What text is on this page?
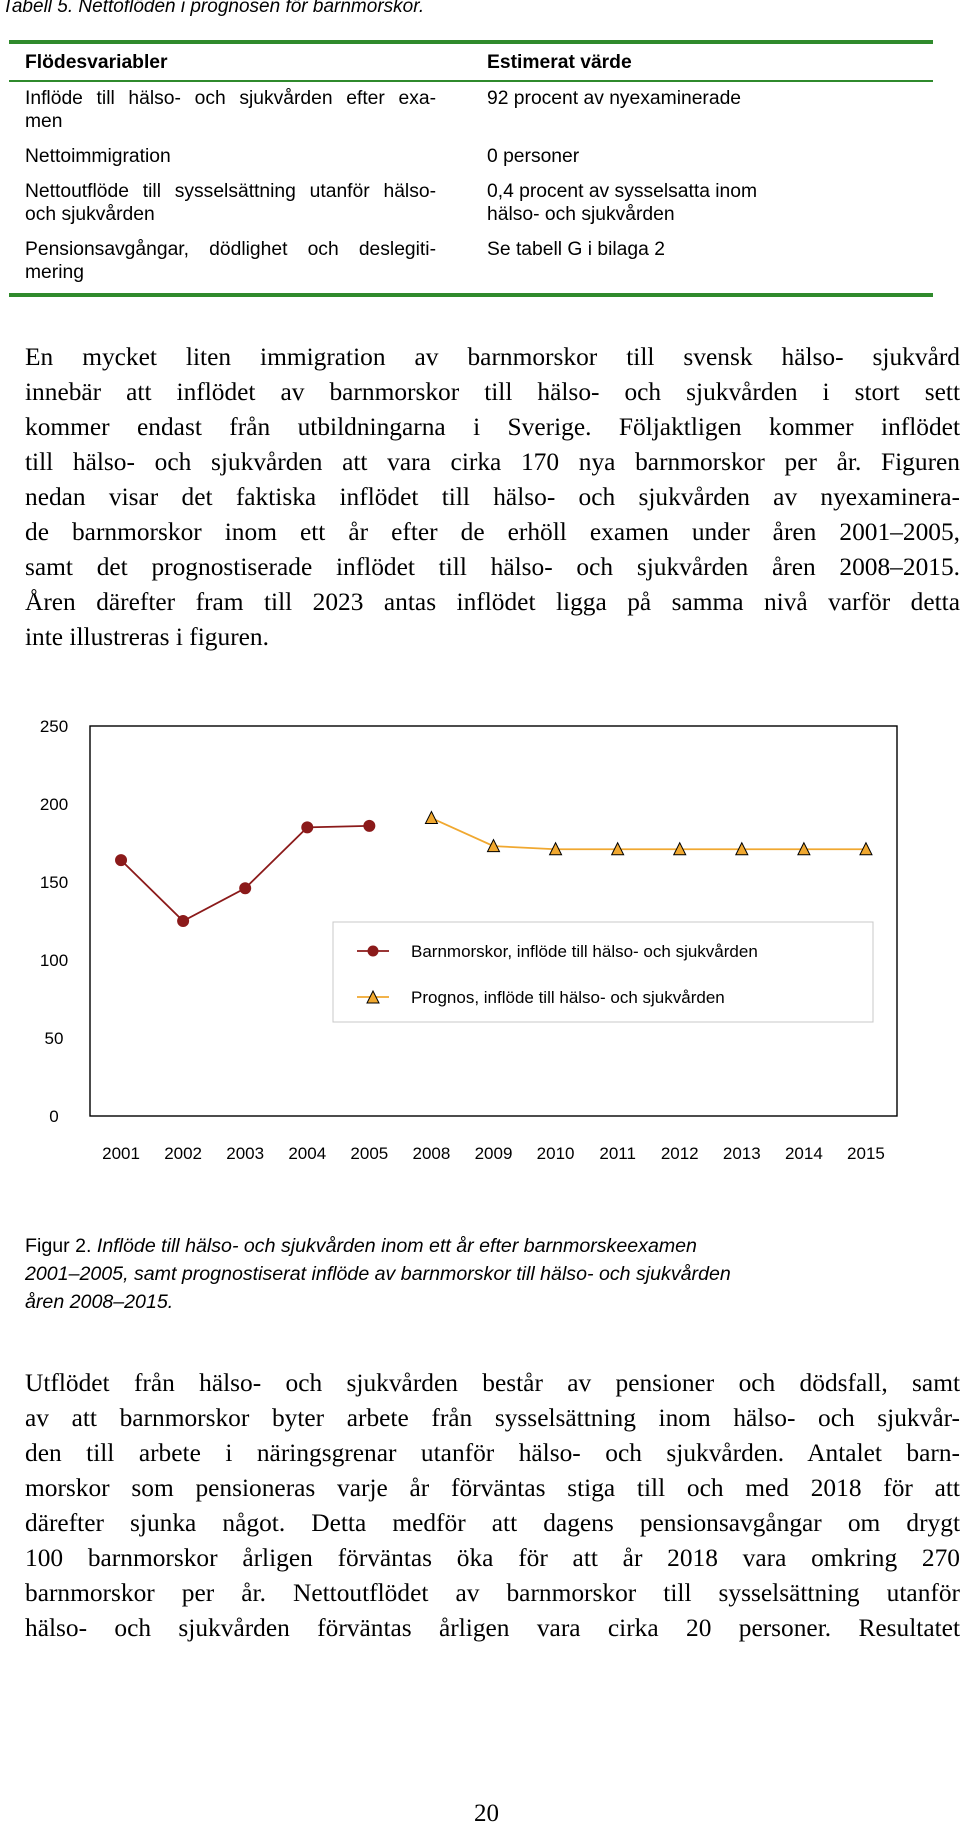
Tabell 5. Nettoflöden i prognosen för barnmorskor.
Flödesvariabler	Estimerat värde
Inflöde till hälso- och sjukvården efter exa-
men
92 procent av nyexaminerade
Nettoimmigration	0 personer
Nettoutflöde till sysselsättning utanför hälso-
och sjukvården
0,4 procent av sysselsatta inom
hälso- och sjukvården
Pensionsavgångar, dödlighet och deslegiti-
mering
Se tabell G i bilaga 2
En mycket liten immigration av barnmorskor till svensk hälso- sjukvård
innebär att inflödet av barnmorskor till hälso- och sjukvården i stort sett
kommer endast från utbildningarna i Sverige. Följaktligen kommer inflödet
till hälso- och sjukvården att vara cirka 170 nya barnmorskor per år. Figuren
nedan visar det faktiska inflödet till hälso- och sjukvården av nyexaminera-
de barnmorskor inom ett år efter de erhöll examen under åren 2001–2005,
samt det prognostiserade inflödet till hälso- och sjukvården åren 2008–2015.
Åren därefter fram till 2023 antas inflödet ligga på samma nivå varför detta
inte illustreras i figuren.
0
50
100
150
200
250
2001 2002 2003 2004 2005 2008 2009 2010 2011 2012 2013 2014 2015
Barnmorskor, inflöde till hälso- och sjukvården
Prognos, inflöde till hälso- och sjukvården
Figur 2. Inflöde till hälso- och sjukvården inom ett år efter barnmorskeexamen
2001–2005, samt prognostiserat inflöde av barnmorskor till hälso- och sjukvården
åren 2008–2015.
Utflödet från hälso- och sjukvården består av pensioner och dödsfall, samt
av att barnmorskor byter arbete från sysselsättning inom hälso- och sjukvår-
den till arbete i näringsgrenar utanför hälso- och sjukvården. Antalet barn-
morskor som pensioneras varje år förväntas stiga till och med 2018 för att
därefter sjunka något. Detta medför att dagens pensionsavgångar om drygt
100 barnmorskor årligen förväntas öka för att år 2018 vara omkring 270
barnmorskor per år. Nettoutflödet av barnmorskor till sysselsättning utanför
hälso- och sjukvården förväntas årligen vara cirka 20 personer. Resultatet
20
